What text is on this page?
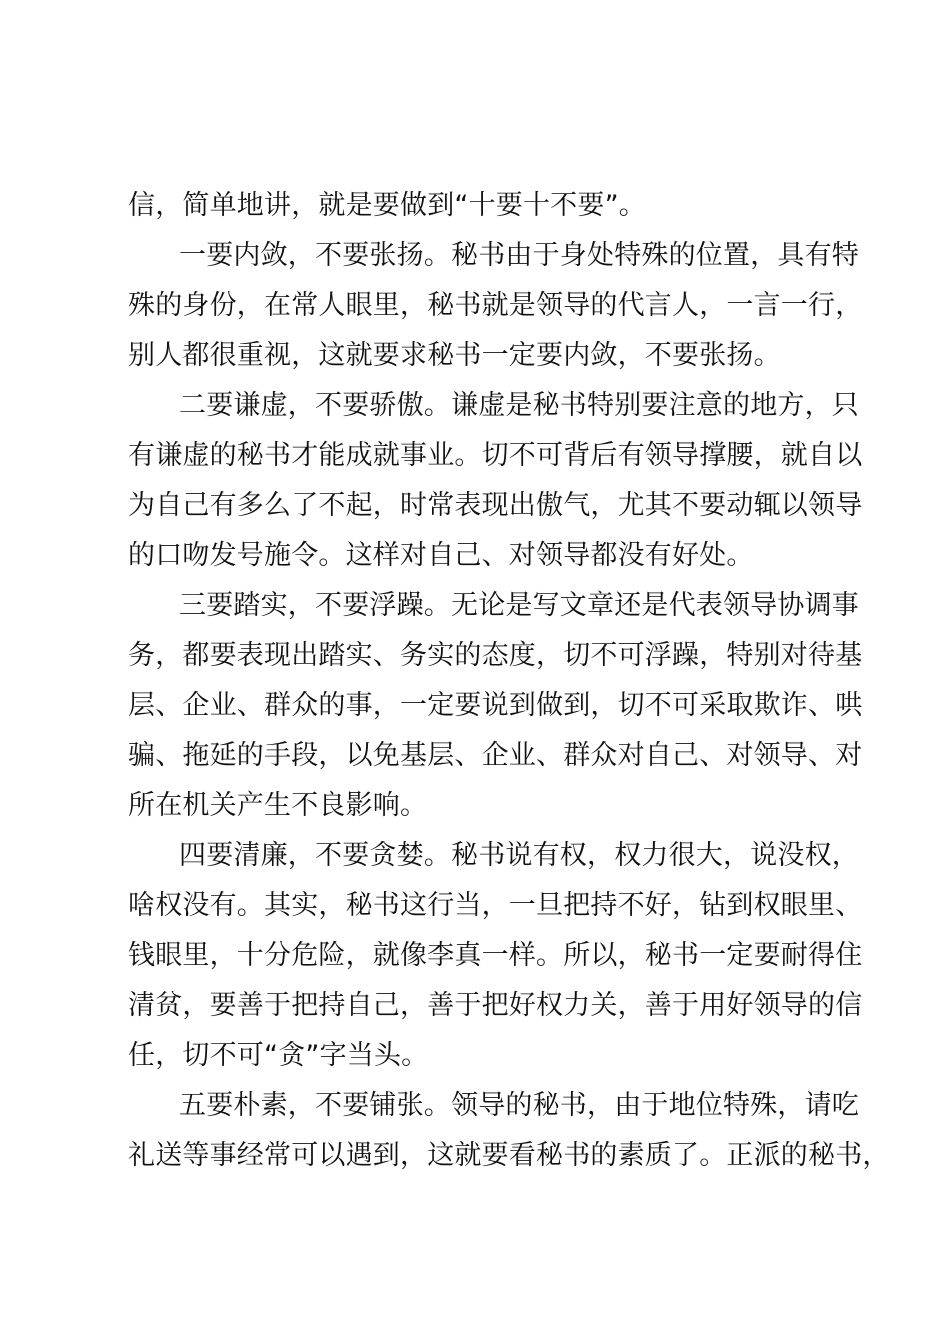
信，简单地讲，就是要做到“十要十不要”。
一要内敛，不要张扬。秘书由于身处特殊的位置，具有特
殊的身份，在常人眼里，秘书就是领导的代言人，一言一行，
别人都很重视，这就要求秘书一定要内敛，不要张扬。
二要谦虚，不要骄傲。谦虚是秘书特别要注意的地方，只
有谦虚的秘书才能成就事业。切不可背后有领导撑腰，就自以
为自己有多么了不起，时常表现出傲气，尤其不要动辄以领导
的口吻发号施令。这样对自己、对领导都没有好处。
三要踏实，不要浮躁。无论是写文章还是代表领导协调事
务，都要表现出踏实、务实的态度，切不可浮躁，特别对待基
层、企业、群众的事，一定要说到做到，切不可采取欺诈、哄
骗、拖延的手段，以免基层、企业、群众对自己、对领导、对
所在机关产生不良影响。
四要清廉，不要贪婪。秘书说有权，权力很大，说没权，
啥权没有。其实，秘书这行当，一旦把持不好，钻到权眼里、
钱眼里，十分危险，就像李真一样。所以，秘书一定要耐得住
清贫，要善于把持自己，善于把好权力关，善于用好领导的信
任，切不可“贪”字当头。
五要朴素，不要铺张。领导的秘书，由于地位特殊，请吃
礼送等事经常可以遇到，这就要看秘书的素质了。正派的秘书，
